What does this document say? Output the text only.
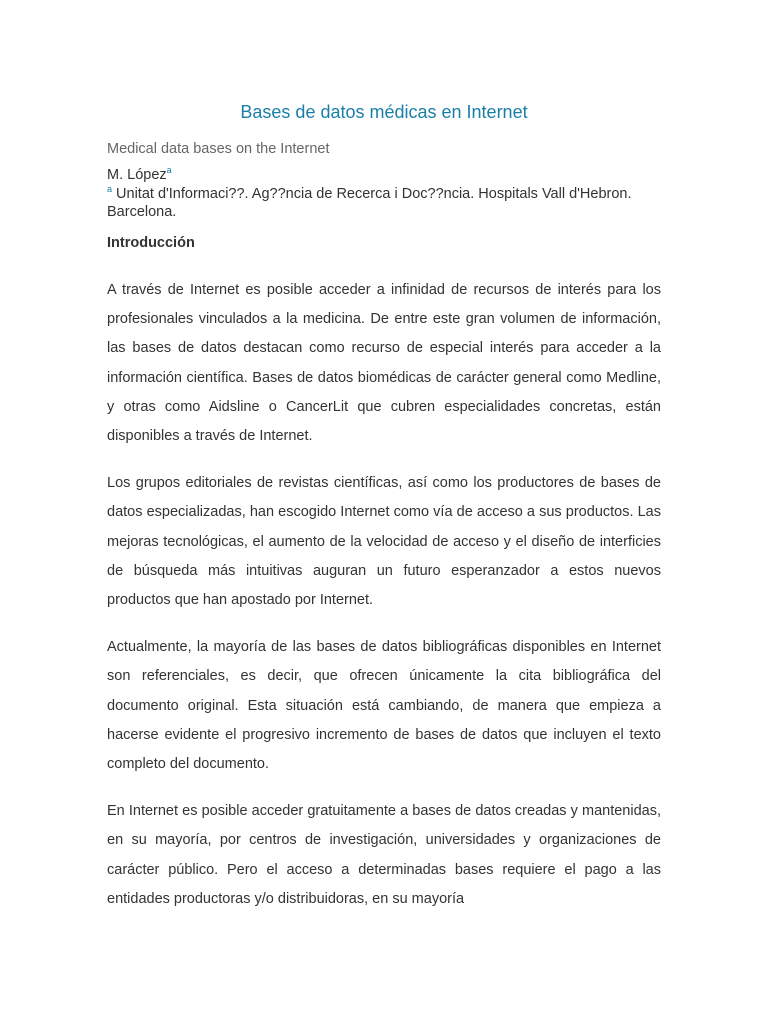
Bases de datos médicas en Internet

Medical data bases on the Internet

M. López$^a$

$^a$ Unitat d'Informaci??. Ag??ncia de Recerca i Doc??ncia. Hospitals Vall d'Hebron. Barcelona.

Introducción

A través de Internet es posible acceder a infinidad de recursos de interés para los profesionales vinculados a la medicina. De entre este gran volumen de información, las bases de datos destacan como recurso de especial interés para acceder a la información científica. Bases de datos biomédicas de carácter general como Medline, y otras como Aidsline o CancerLit que cubren especialidades concretas, están disponibles a través de Internet.

Los grupos editoriales de revistas científicas, así como los productores de bases de datos especializadas, han escogido Internet como vía de acceso a sus productos. Las mejoras tecnológicas, el aumento de la velocidad de acceso y el diseño de interficies de búsqueda más intuitivas auguran un futuro esperanzador a estos nuevos productos que han apostado por Internet.

Actualmente, la mayoría de las bases de datos bibliográficas disponibles en Internet son referenciales, es decir, que ofrecen únicamente la cita bibliográfica del documento original. Esta situación está cambiando, de manera que empieza a hacerse evidente el progresivo incremento de bases de datos que incluyen el texto completo del documento.

En Internet es posible acceder gratuitamente a bases de datos creadas y mantenidas, en su mayoría, por centros de investigación, universidades y organizaciones de carácter público. Pero el acceso a determinadas bases requiere el pago a las entidades productoras y/o distribuidoras, en su mayoría
